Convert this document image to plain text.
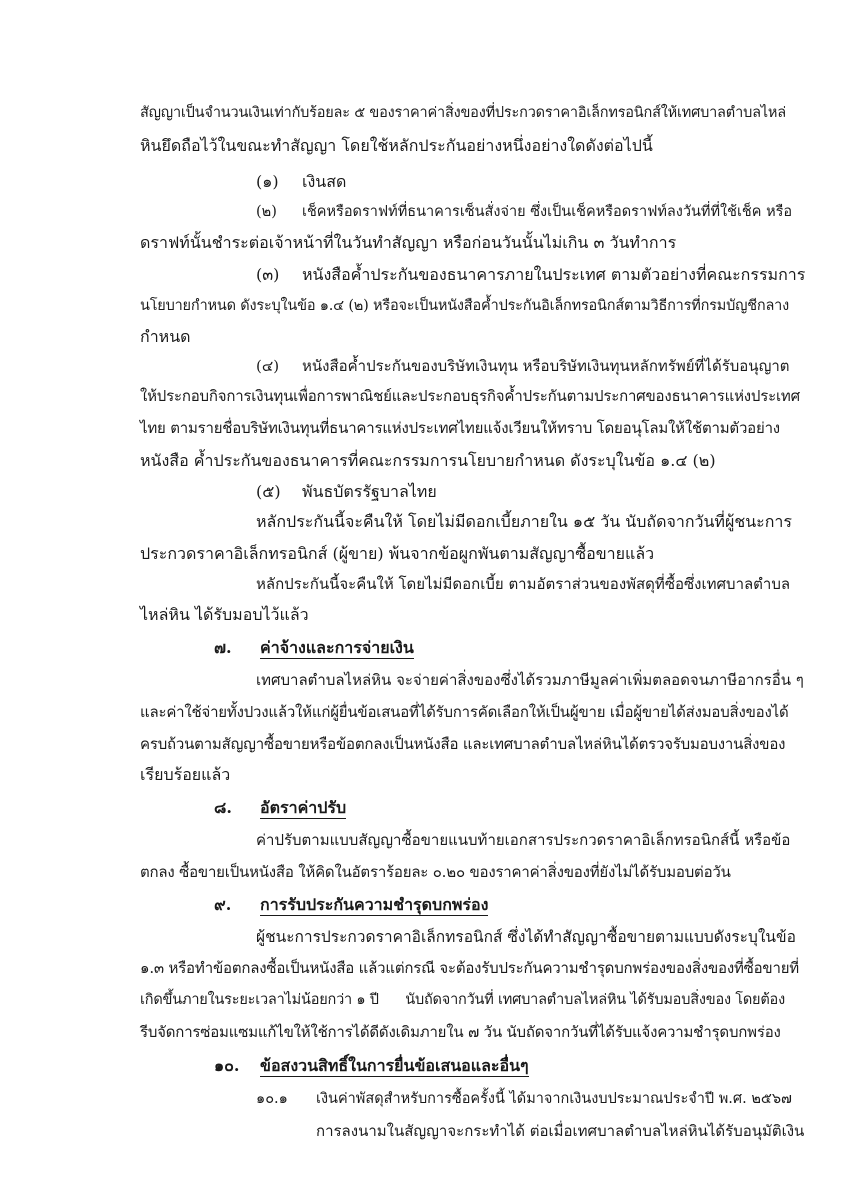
สัญญาเป็นจำนวนเงินเท่ากับร้อยละ ๕ ของราคาค่าสิ่งของที่ประกวดราคาอิเล็กทรอนิกส์ให้เทศบาลตำบลไหล่
หินยึดถือไว้ในขณะทำสัญญา โดยใช้หลักประกันอย่างหนึ่งอย่างใดดังต่อไปนี้
(๑) เงินสด
(๒) เช็คหรือดราฟท์ที่ธนาคารเซ็นสั่งจ่าย ซึ่งเป็นเช็คหรือดราฟท์ลงวันที่ที่ใช้เช็ค หรือ
ดราฟท์นั้นชำระต่อเจ้าหน้าที่ในวันทำสัญญา หรือก่อนวันนั้นไม่เกิน ๓ วันทำการ
(๓) หนังสือค้ำประกันของธนาคารภายในประเทศ ตามตัวอย่างที่คณะกรรมการ
นโยบายกำหนด ดังระบุในข้อ ๑.๔ (๒) หรือจะเป็นหนังสือค้ำประกันอิเล็กทรอนิกส์ตามวิธีการที่กรมบัญชีกลาง
กำหนด
(๔) หนังสือค้ำประกันของบริษัทเงินทุน หรือบริษัทเงินทุนหลักทรัพย์ที่ได้รับอนุญาต
ให้ประกอบกิจการเงินทุนเพื่อการพาณิชย์และประกอบธุรกิจค้ำประกันตามประกาศของธนาคารแห่งประเทศ
ไทย ตามรายชื่อบริษัทเงินทุนที่ธนาคารแห่งประเทศไทยแจ้งเวียนให้ทราบ โดยอนุโลมให้ใช้ตามตัวอย่าง
หนังสือ ค้ำประกันของธนาคารที่คณะกรรมการนโยบายกำหนด ดังระบุในข้อ ๑.๔ (๒)
(๕) พันธบัตรรัฐบาลไทย
หลักประกันนี้จะคืนให้ โดยไม่มีดอกเบี้ยภายใน ๑๕ วัน นับถัดจากวันที่ผู้ชนะการ
ประกวดราคาอิเล็กทรอนิกส์ (ผู้ขาย) พ้นจากข้อผูกพันตามสัญญาซื้อขายแล้ว
หลักประกันนี้จะคืนให้ โดยไม่มีดอกเบี้ย ตามอัตราส่วนของพัสดุที่ซื้อซึ่งเทศบาลตำบล
ไหล่หิน ได้รับมอบไว้แล้ว
๗. ค่าจ้างและการจ่ายเงิน
เทศบาลตำบลไหล่หิน จะจ่ายค่าสิ่งของซึ่งได้รวมภาษีมูลค่าเพิ่มตลอดจนภาษีอากรอื่น ๆ
และค่าใช้จ่ายทั้งปวงแล้วให้แก่ผู้ยื่นข้อเสนอที่ได้รับการคัดเลือกให้เป็นผู้ขาย เมื่อผู้ขายได้ส่งมอบสิ่งของได้
ครบถ้วนตามสัญญาซื้อขายหรือข้อตกลงเป็นหนังสือ และเทศบาลตำบลไหล่หินได้ตรวจรับมอบงานสิ่งของ
เรียบร้อยแล้ว
๘. อัตราค่าปรับ
ค่าปรับตามแบบสัญญาซื้อขายแนบท้ายเอกสารประกวดราคาอิเล็กทรอนิกส์นี้ หรือข้อ
ตกลง ซื้อขายเป็นหนังสือ ให้คิดในอัตราร้อยละ ๐.๒๐ ของราคาค่าสิ่งของที่ยังไม่ได้รับมอบต่อวัน
๙. การรับประกันความชำรุดบกพร่อง
ผู้ชนะการประกวดราคาอิเล็กทรอนิกส์ ซึ่งได้ทำสัญญาซื้อขายตามแบบดังระบุในข้อ
๑.๓ หรือทำข้อตกลงซื้อเป็นหนังสือ แล้วแต่กรณี จะต้องรับประกันความชำรุดบกพร่องของสิ่งของที่ซื้อขายที่
เกิดขึ้นภายในระยะเวลาไม่น้อยกว่า ๑ ปี      นับถัดจากวันที่ เทศบาลตำบลไหล่หิน ได้รับมอบสิ่งของ โดยต้อง
รีบจัดการซ่อมแซมแก้ไขให้ใช้การได้ดีดังเดิมภายใน ๗ วัน นับถัดจากวันที่ได้รับแจ้งความชำรุดบกพร่อง
๑๐. ข้อสงวนสิทธิ์ในการยื่นข้อเสนอและอื่นๆ
๑๐.๑ เงินค่าพัสดุสำหรับการซื้อครั้งนี้ ได้มาจากเงินงบประมาณประจำปี พ.ศ. ๒๕๖๗
การลงนามในสัญญาจะกระทำได้ ต่อเมื่อเทศบาลตำบลไหล่หินได้รับอนุมัติเงิน
